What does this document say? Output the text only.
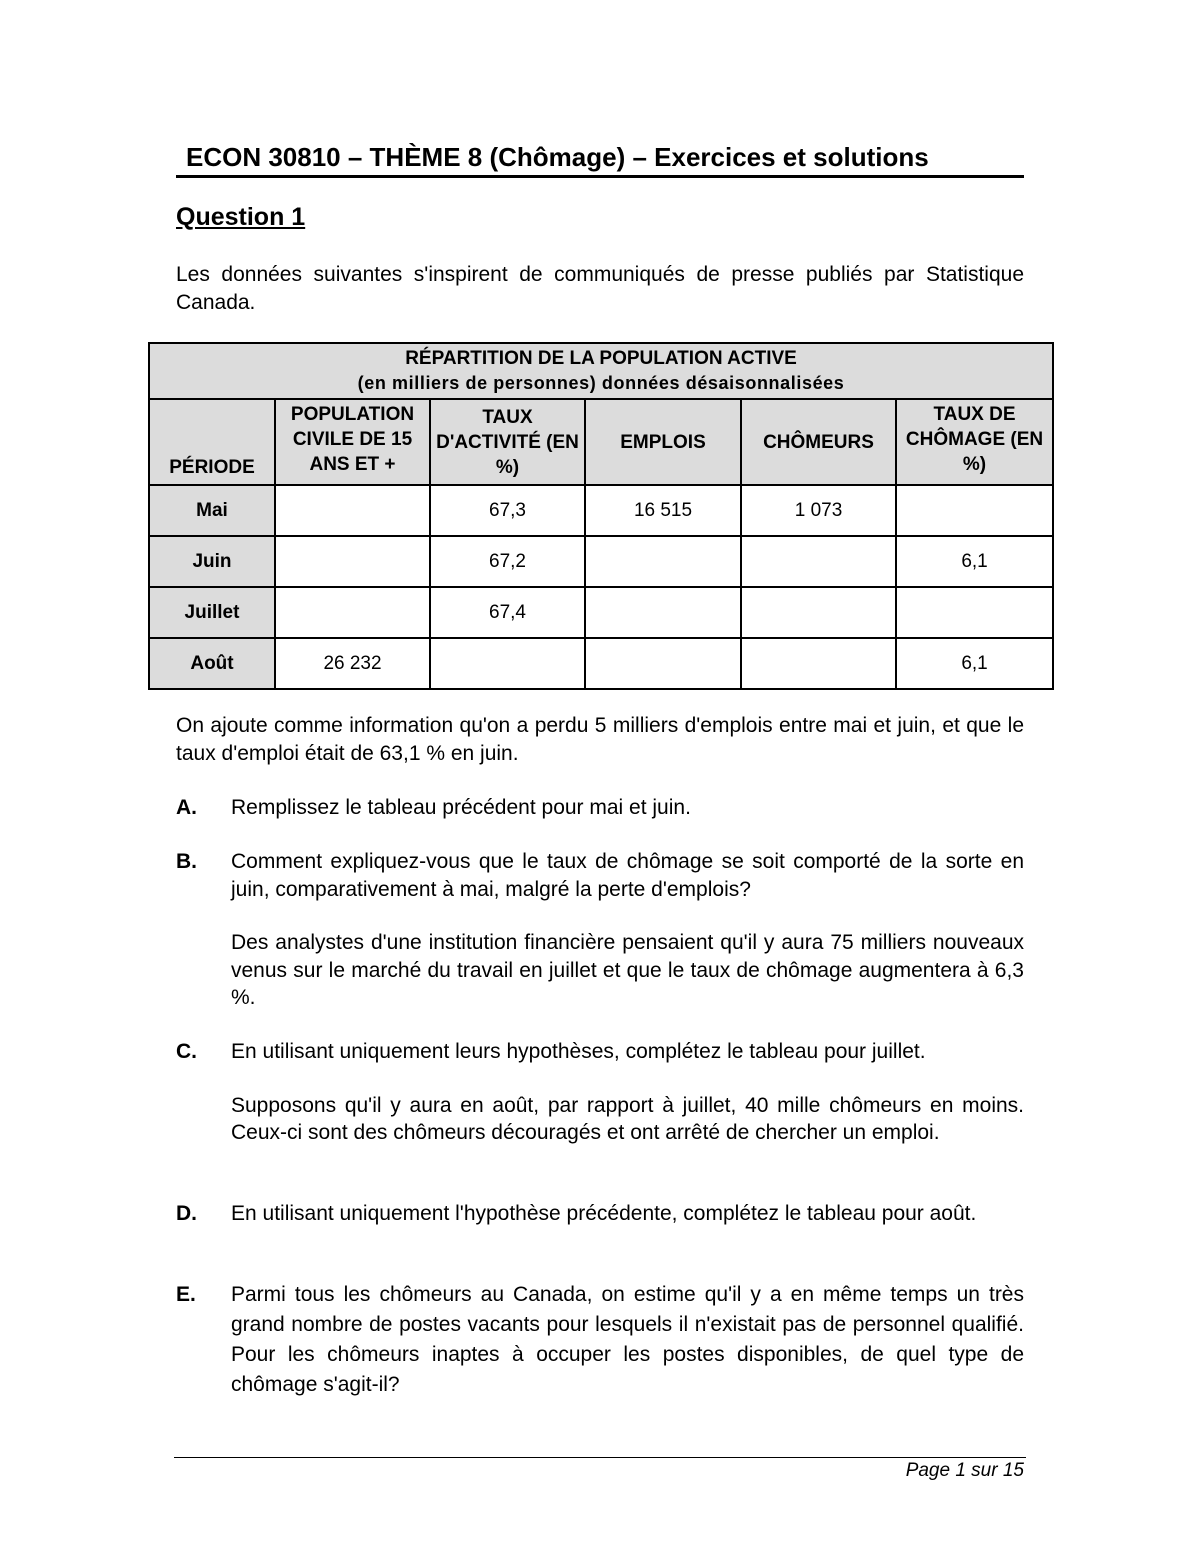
ECON 30810 – THÈME 8 (Chômage) – Exercices et solutions
Question 1

Les données suivantes s'inspirent de communiqués de presse publiés par Statistique Canada.

RÉPARTITION DE LA POPULATION ACTIVE
(en milliers de personnes) données désaisonnalisées					

PÉRIODE	POPULATION CIVILE DE 15 ANS ET +	TAUX D'ACTIVITÉ (EN %)	EMPLOIS	CHÔMEURS	TAUX DE CHÔMAGE (EN %)
Mai		67,3	16 515	1 073	
Juin		67,2			6,1
Juillet		67,4			
Août	26 232				6,1

On ajoute comme information qu'on a perdu 5 milliers d'emplois entre mai et juin, et que le taux d'emploi était de 63,1 % en juin.

A. Remplissez le tableau précédent pour mai et juin.

B. Comment expliquez-vous que le taux de chômage se soit comporté de la sorte en juin, comparativement à mai, malgré la perte d'emplois?

Des analystes d'une institution financière pensaient qu'il y aura 75 milliers nouveaux venus sur le marché du travail en juillet et que le taux de chômage augmentera à 6,3 %.

C. En utilisant uniquement leurs hypothèses, complétez le tableau pour juillet.

Supposons qu'il y aura en août, par rapport à juillet, 40 mille chômeurs en moins. Ceux-ci sont des chômeurs découragés et ont arrêté de chercher un emploi.

D. En utilisant uniquement l'hypothèse précédente, complétez le tableau pour août.

E. Parmi tous les chômeurs au Canada, on estime qu'il y a en même temps un très grand nombre de postes vacants pour lesquels il n'existait pas de personnel qualifié. Pour les chômeurs inaptes à occuper les postes disponibles, de quel type de chômage s'agit-il?

Page 1 sur 15
